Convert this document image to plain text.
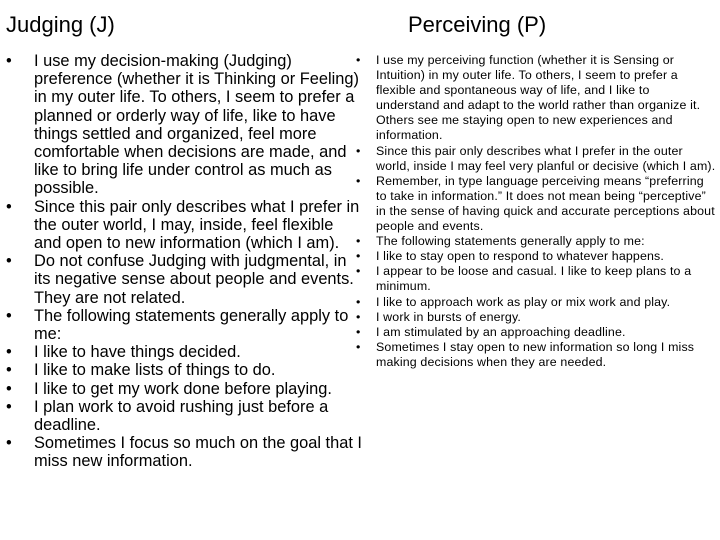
Judging (J)	Perceiving (P)
• I use my decision-making (Judging) preference (whether it is Thinking or Feeling) in my outer life. To others, I seem to prefer a planned or orderly way of life, like to have things settled and organized, feel more comfortable when decisions are made, and like to bring life under control as much as possible.
• Since this pair only describes what I prefer in the outer world, I may, inside, feel flexible and open to new information (which I am).
• Do not confuse Judging with judgmental, in its negative sense about people and events. They are not related.
• The following statements generally apply to me:
• I like to have things decided.
• I like to make lists of things to do.
• I like to get my work done before playing.
• I plan work to avoid rushing just before a deadline.
• Sometimes I focus so much on the goal that I miss new information.
• I use my perceiving function (whether it is Sensing or Intuition) in my outer life. To others, I seem to prefer a flexible and spontaneous way of life, and I like to understand and adapt to the world rather than organize it. Others see me staying open to new experiences and information.
• Since this pair only describes what I prefer in the outer world, inside I may feel very planful or decisive (which I am).
• Remember, in type language perceiving means “preferring to take in information.” It does not mean being “perceptive” in the sense of having quick and accurate perceptions about people and events.
• The following statements generally apply to me:
• I like to stay open to respond to whatever happens.
• I appear to be loose and casual. I like to keep plans to a minimum.
• I like to approach work as play or mix work and play.
• I work in bursts of energy.
• I am stimulated by an approaching deadline.
• Sometimes I stay open to new information so long I miss making decisions when they are needed.
